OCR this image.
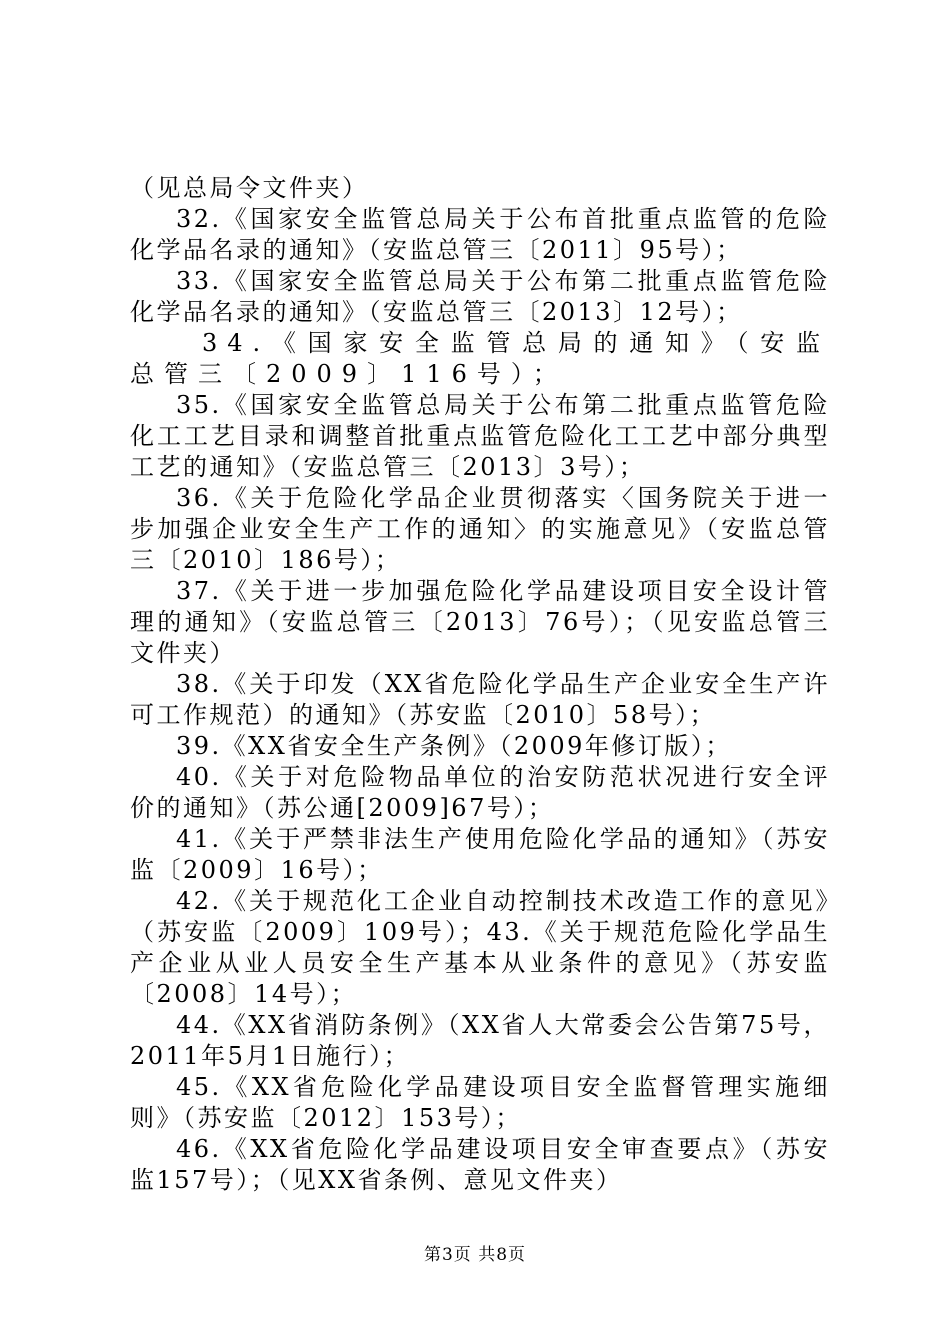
（见总局令文件夹）

32.《国家安全监管总局关于公布首批重点监管的危险化学品名录的通知》（安监总管三〔2011〕95号）；

33.《国家安全监管总局关于公布第二批重点监管危险化学品名录的通知》（安监总管三〔2013〕12号）；

34.《国家安全监管总局的通知》（安监总管三〔2009〕116号）；

35.《国家安全监管总局关于公布第二批重点监管危险化工工艺目录和调整首批重点监管危险化工工艺中部分典型工艺的通知》（安监总管三〔2013〕3号）；

36.《关于危险化学品企业贯彻落实〈国务院关于进一步加强企业安全生产工作的通知〉的实施意见》（安监总管三〔2010〕186号）；

37.《关于进一步加强危险化学品建设项目安全设计管理的通知》（安监总管三〔2013〕76号）；（见安监总管三文件夹）

38.《关于印发（XX省危险化学品生产企业安全生产许可工作规范）的通知》（苏安监〔2010〕58号）；

39.《XX省安全生产条例》（2009年修订版）；

40.《关于对危险物品单位的治安防范状况进行安全评价的通知》（苏公通[2009]67号）；

41.《关于严禁非法生产使用危险化学品的通知》（苏安监〔2009〕16号）；

42.《关于规范化工企业自动控制技术改造工作的意见》（苏安监〔2009〕109号）；43.《关于规范危险化学品生产企业从业人员安全生产基本从业条件的意见》（苏安监〔2008〕14号）；

44.《XX省消防条例》（XX省人大常委会公告第75号，2011年5月1日施行）；

45.《XX省危险化学品建设项目安全监督管理实施细则》（苏安监〔2012〕153号）；

46.《XX省危险化学品建设项目安全审查要点》（苏安监157号）；（见XX省条例、意见文件夹）

第3页 共8页
